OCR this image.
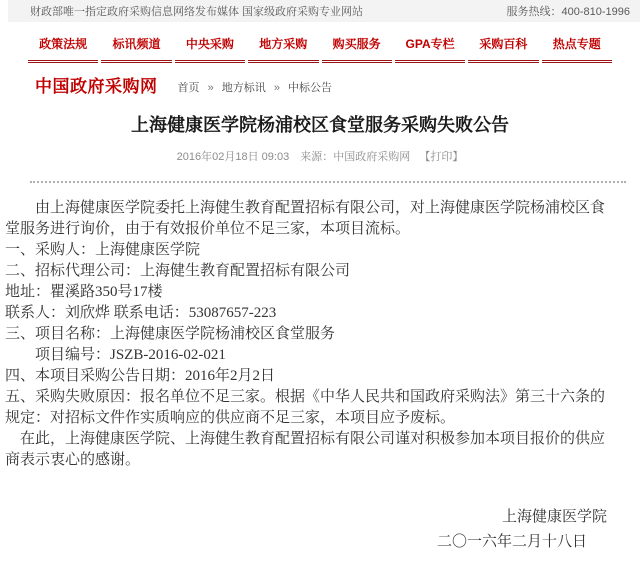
财政部唯一指定政府采购信息网络发布媒体 国家级政府采购专业网站	服务热线：400-810-1996
政策法规	标讯频道	中央采购	地方采购	购买服务	GPA专栏	采购百科	热点专题
中国政府采购网 首页 » 地方标讯 » 中标公告
上海健康医学院杨浦校区食堂服务采购失败公告
2016年02月18日 09:03 来源：中国政府采购网 【打印】

由上海健康医学院委托上海健生教育配置招标有限公司，对上海健康医学院杨浦校区食堂服务进行询价，由于有效报价单位不足三家，本项目流标。

一、采购人：上海健康医学院

二、招标代理公司：上海健生教育配置招标有限公司

地址：瞿溪路350号17楼

联系人：刘欣烨 联系电话：53087657-223

三、项目名称：上海健康医学院杨浦校区食堂服务

项目编号：JSZB-2016-02-021

四、本项目采购公告日期：2016年2月2日

五、采购失败原因：报名单位不足三家。根据《中华人民共和国政府采购法》第三十六条的规定：对招标文件作实质响应的供应商不足三家，本项目应予废标。

在此，上海健康医学院、上海健生教育配置招标有限公司谨对积极参加本项目报价的供应商表示衷心的感谢。

上海健康医学院
二〇一六年二月十八日
